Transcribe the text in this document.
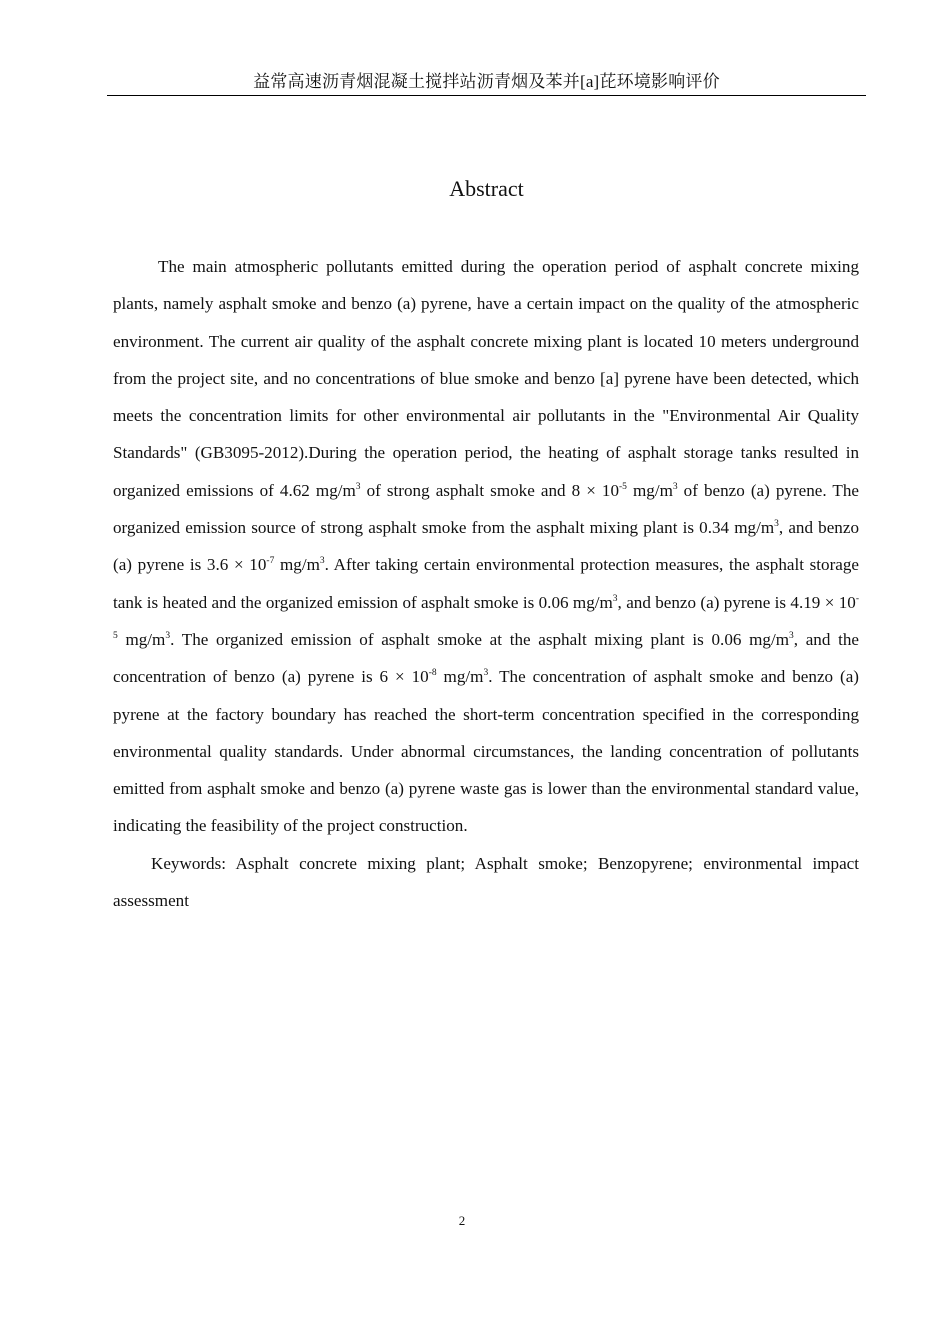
益常高速沥青烟混凝土搅拌站沥青烟及苯并[a]芘环境影响评价
Abstract

The main atmospheric pollutants emitted during the operation period of asphalt concrete mixing plants, namely asphalt smoke and benzo (a) pyrene, have a certain impact on the quality of the atmospheric environment. The current air quality of the asphalt concrete mixing plant is located 10 meters underground from the project site, and no concentrations of blue smoke and benzo [a] pyrene have been detected, which meets the concentration limits for other environmental air pollutants in the "Environmental Air Quality Standards" (GB3095-2012).During the operation period, the heating of asphalt storage tanks resulted in organized emissions of 4.62 $mg/m^3$ of strong asphalt smoke and $8 \times 10^{-5}$ $mg/m^3$ of benzo (a) pyrene. The organized emission source of strong asphalt smoke from the asphalt mixing plant is 0.34 $mg/m^3$, and benzo (a) pyrene is $3.6 \times 10^{-7}$ $mg/m^3$. After taking certain environmental protection measures, the asphalt storage tank is heated and the organized emission of asphalt smoke is 0.06 $mg/m^3$, and benzo (a) pyrene is $4.19 \times 10^{-5}$ $mg/m^3$. The organized emission of asphalt smoke at the asphalt mixing plant is 0.06 $mg/m^3$, and the concentration of benzo (a) pyrene is $6 \times 10^{-8}$ $mg/m^3$. The concentration of asphalt smoke and benzo (a) pyrene at the factory boundary has reached the short-term concentration specified in the corresponding environmental quality standards. Under abnormal circumstances, the landing concentration of pollutants emitted from asphalt smoke and benzo (a) pyrene waste gas is lower than the environmental standard value, indicating the feasibility of the project construction.

Keywords: Asphalt concrete mixing plant; Asphalt smoke; Benzopyrene; environmental impact assessment

2
